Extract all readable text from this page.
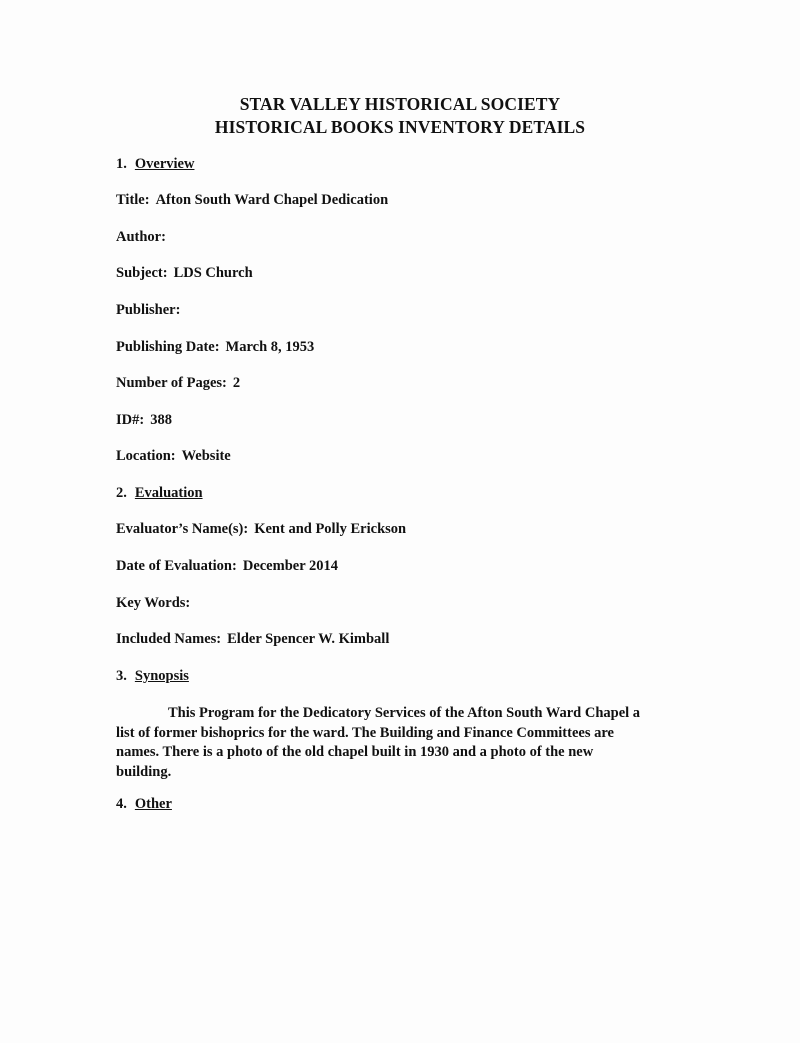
STAR VALLEY HISTORICAL SOCIETY
HISTORICAL BOOKS INVENTORY DETAILS
1. Overview
Title: Afton South Ward Chapel Dedication
Author:
Subject: LDS Church
Publisher:
Publishing Date: March 8, 1953
Number of Pages: 2
ID#: 388
Location: Website
2. Evaluation
Evaluator’s Name(s): Kent and Polly Erickson
Date of Evaluation: December 2014
Key Words:
Included Names: Elder Spencer W. Kimball
3. Synopsis
This Program for the Dedicatory Services of the Afton South Ward Chapel a
list of former bishoprics for the ward. The Building and Finance Committees are
names. There is a photo of the old chapel built in 1930 and a photo of the new
building.
4. Other
